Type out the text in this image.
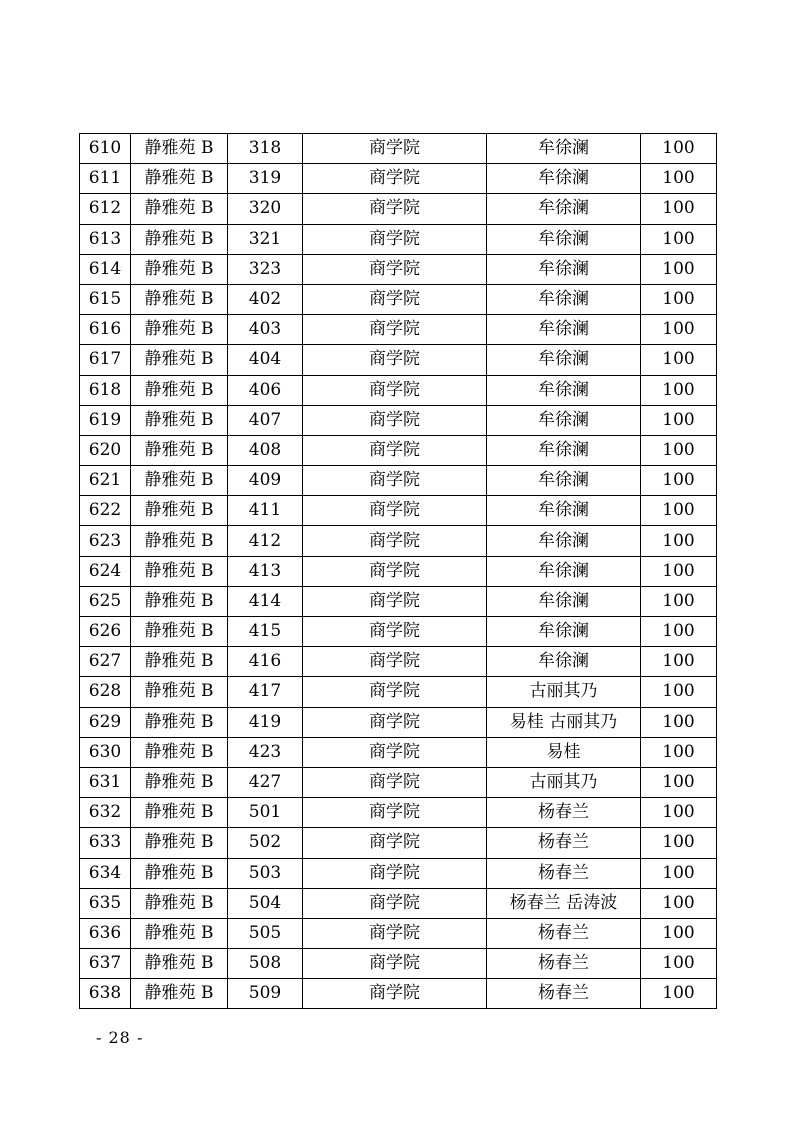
610	静雅苑 B	318	商学院	牟徐澜	100
611	静雅苑 B	319	商学院	牟徐澜	100
612	静雅苑 B	320	商学院	牟徐澜	100
613	静雅苑 B	321	商学院	牟徐澜	100
614	静雅苑 B	323	商学院	牟徐澜	100
615	静雅苑 B	402	商学院	牟徐澜	100
616	静雅苑 B	403	商学院	牟徐澜	100
617	静雅苑 B	404	商学院	牟徐澜	100
618	静雅苑 B	406	商学院	牟徐澜	100
619	静雅苑 B	407	商学院	牟徐澜	100
620	静雅苑 B	408	商学院	牟徐澜	100
621	静雅苑 B	409	商学院	牟徐澜	100
622	静雅苑 B	411	商学院	牟徐澜	100
623	静雅苑 B	412	商学院	牟徐澜	100
624	静雅苑 B	413	商学院	牟徐澜	100
625	静雅苑 B	414	商学院	牟徐澜	100
626	静雅苑 B	415	商学院	牟徐澜	100
627	静雅苑 B	416	商学院	牟徐澜	100
628	静雅苑 B	417	商学院	古丽其乃	100
629	静雅苑 B	419	商学院	易桂 古丽其乃	100
630	静雅苑 B	423	商学院	易桂	100
631	静雅苑 B	427	商学院	古丽其乃	100
632	静雅苑 B	501	商学院	杨春兰	100
633	静雅苑 B	502	商学院	杨春兰	100
634	静雅苑 B	503	商学院	杨春兰	100
635	静雅苑 B	504	商学院	杨春兰 岳涛波	100
636	静雅苑 B	505	商学院	杨春兰	100
637	静雅苑 B	508	商学院	杨春兰	100
638	静雅苑 B	509	商学院	杨春兰	100
- 28 -
